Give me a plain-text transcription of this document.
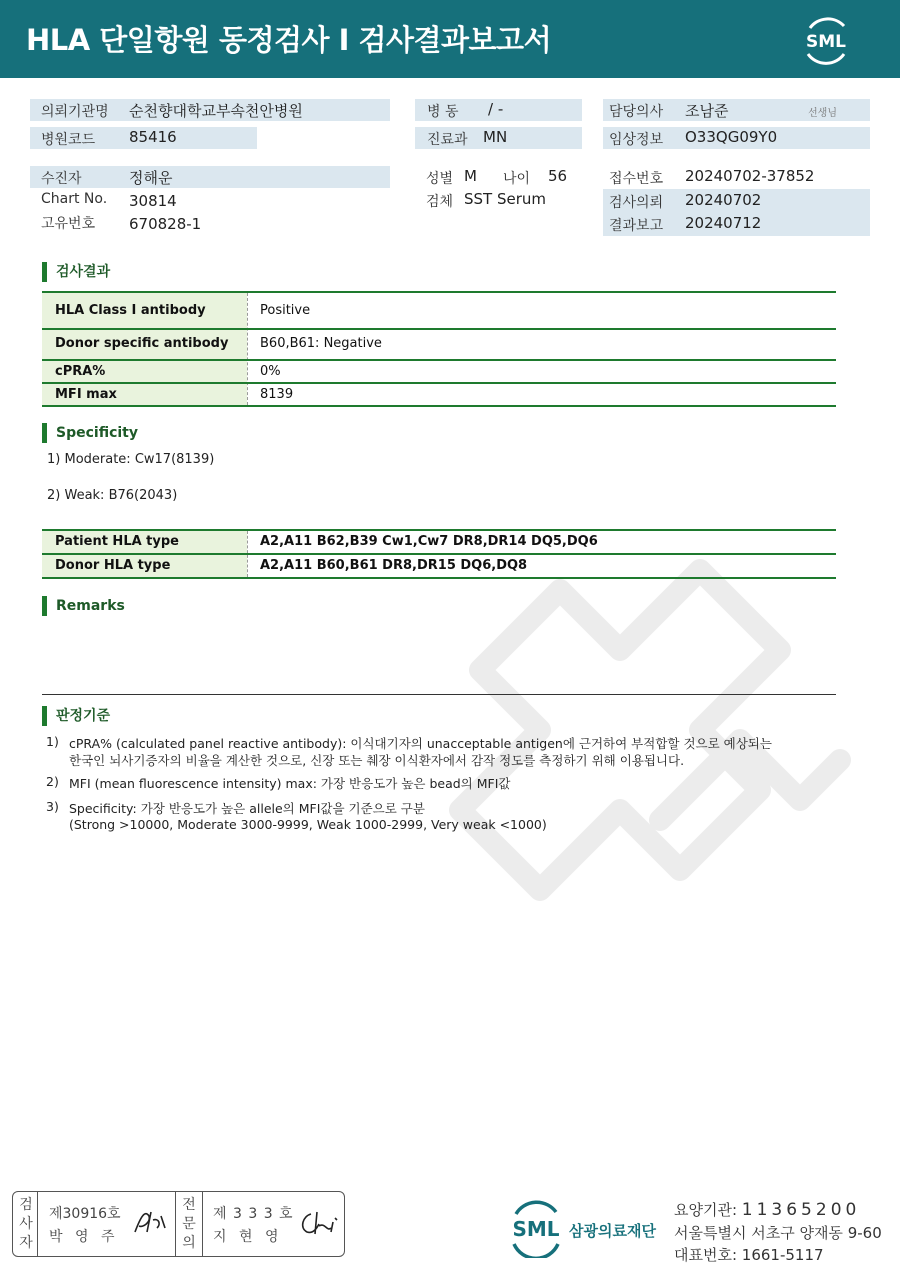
HLA 단일항원 동정검사 I 검사결과보고서	SML
의뢰기관명 순천향대학교부속천안병원
병원코드 85416
병 동 / -
진료과 MN
담당의사 조남준	선생님
임상정보 O33QG09Y0
수진자	정해운
Chart No. 30814
고유번호 670828-1
성별 M 나이 56
검체 SST Serum
접수번호 20240702-37852
검사의뢰 20240702
결과보고 20240712
검사결과
HLA Class I antibody	Positive
Donor specific antibody B60,B61: Negative
cPRA%	0%
MFI max	8139
Specificity
1) Moderate: Cw17(8139)
2) Weak: B76(2043)
Patient HLA type	A2,A11 B62,B39 Cw1,Cw7 DR8,DR14 DQ5,DQ6
Donor HLA type	A2,A11 B60,B61 DR8,DR15 DQ6,DQ8
Remarks
판정기준
1) cPRA% (calculated panel reactive antibody): 이식대기자의 unacceptable antigen에 근거하여 부적합할 것으로 예상되는
한국인 뇌사기증자의 비율을 계산한 것으로, 신장 또는 췌장 이식환자에서 감작 정도를 측정하기 위해 이용됩니다.
2) MFI (mean fluorescence intensity) max: 가장 반응도가 높은 bead의 MFI값
3) Specificity: 가장 반응도가 높은 allele의 MFI값을 기준으로 구분
(Strong >10000, Moderate 3000-9999, Weak 1000-2999, Very weak <1000)
검
사
자
제30916호
박 영 주
전
문
의
제 3 3 3 호
지 현 영	SML 삼광의료재단
요양기관: 11365200
서울특별시 서초구 양재동 9-60
대표번호: 1661-5117
